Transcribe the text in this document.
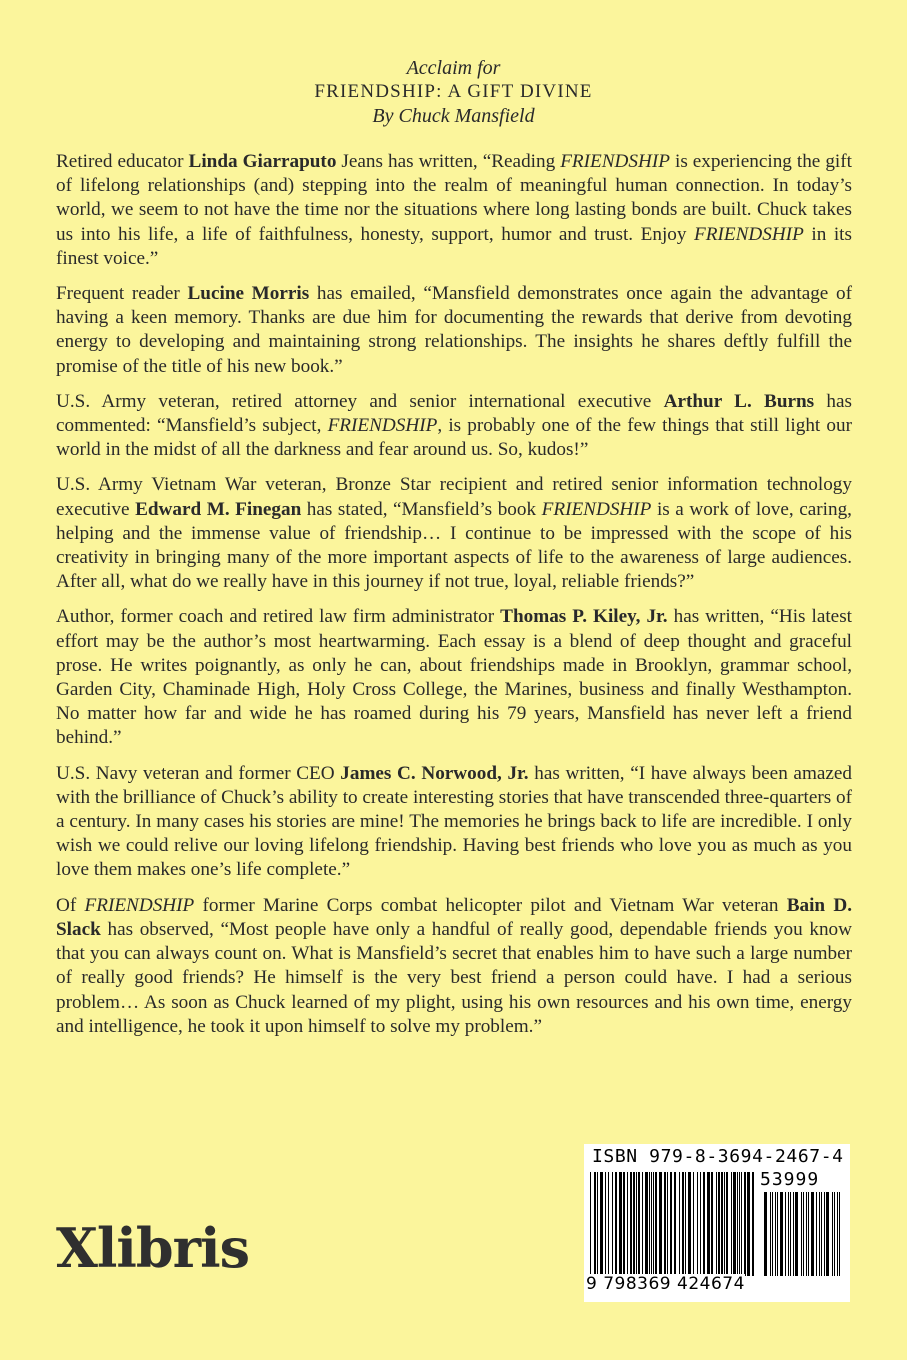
Acclaim for

FRIENDSHIP: A GIFT DIVINE

By Chuck Mansfield

Retired educator Linda Giarraputo Jeans has written, “Reading FRIENDSHIP is experiencing the gift of lifelong relationships (and) stepping into the realm of meaningful human connection. In today’s world, we seem to not have the time nor the situations where long lasting bonds are built. Chuck takes us into his life, a life of faithfulness, honesty, support, humor and trust. Enjoy FRIENDSHIP in its finest voice.”

Frequent reader Lucine Morris has emailed, “Mansfield demonstrates once again the advantage of having a keen memory. Thanks are due him for documenting the rewards that derive from devoting energy to developing and maintaining strong relationships. The insights he shares deftly fulfill the promise of the title of his new book.”

U.S. Army veteran, retired attorney and senior international executive Arthur L. Burns has commented: “Mansfield’s subject, FRIENDSHIP, is probably one of the few things that still light our world in the midst of all the darkness and fear around us. So, kudos!”

U.S. Army Vietnam War veteran, Bronze Star recipient and retired senior information technology executive Edward M. Finegan has stated, “Mansfield’s book FRIENDSHIP is a work of love, caring, helping and the immense value of friendship… I continue to be impressed with the scope of his creativity in bringing many of the more important aspects of life to the awareness of large audiences. After all, what do we really have in this journey if not true, loyal, reliable friends?”

Author, former coach and retired law firm administrator Thomas P. Kiley, Jr. has written, “His latest effort may be the author’s most heartwarming. Each essay is a blend of deep thought and graceful prose. He writes poignantly, as only he can, about friendships made in Brooklyn, grammar school, Garden City, Chaminade High, Holy Cross College, the Marines, business and finally Westhampton. No matter how far and wide he has roamed during his 79 years, Mansfield has never left a friend behind.”

U.S. Navy veteran and former CEO James C. Norwood, Jr. has written, “I have always been amazed with the brilliance of Chuck’s ability to create interesting stories that have transcended three-quarters of a century. In many cases his stories are mine! The memories he brings back to life are incredible. I only wish we could relive our loving lifelong friendship. Having best friends who love you as much as you love them makes one’s life complete.”

Of FRIENDSHIP former Marine Corps combat helicopter pilot and Vietnam War veteran Bain D. Slack has observed, “Most people have only a handful of really good, dependable friends you know that you can always count on. What is Mansfield’s secret that enables him to have such a large number of really good friends? He himself is the very best friend a person could have. I had a serious problem… As soon as Chuck learned of my plight, using his own resources and his own time, energy and intelligence, he took it upon himself to solve my problem.”

Xlibris
ISBN 979-8-3694-2467-4
53999
9 798369 424674
